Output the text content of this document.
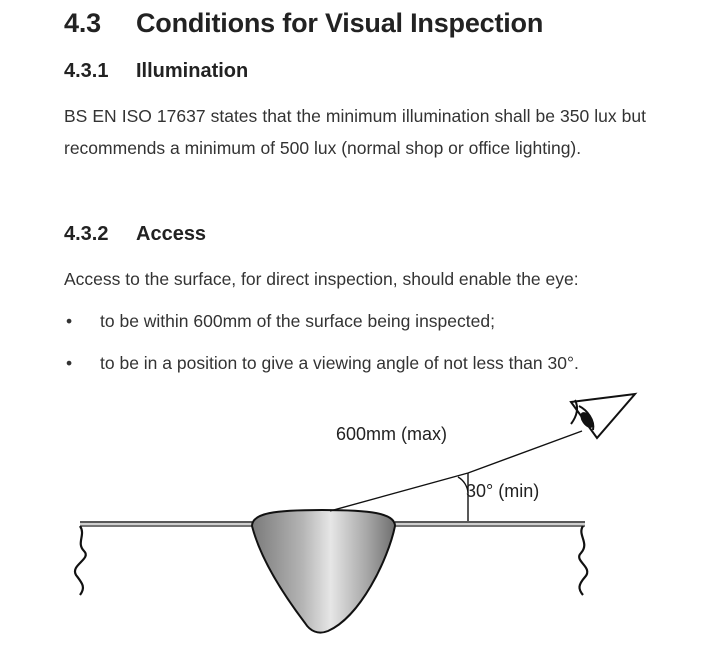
4.3 Conditions for Visual Inspection
4.3.1 Illumination
BS EN ISO 17637 states that the minimum illumination shall be 350 lux but recommends a minimum of 500 lux (normal shop or office lighting).
4.3.2 Access
Access to the surface, for direct inspection, should enable the eye:
• to be within 600mm of the surface being inspected;
• to be in a position to give a viewing angle of not less than 30°.
600mm (max)
30° (min)
